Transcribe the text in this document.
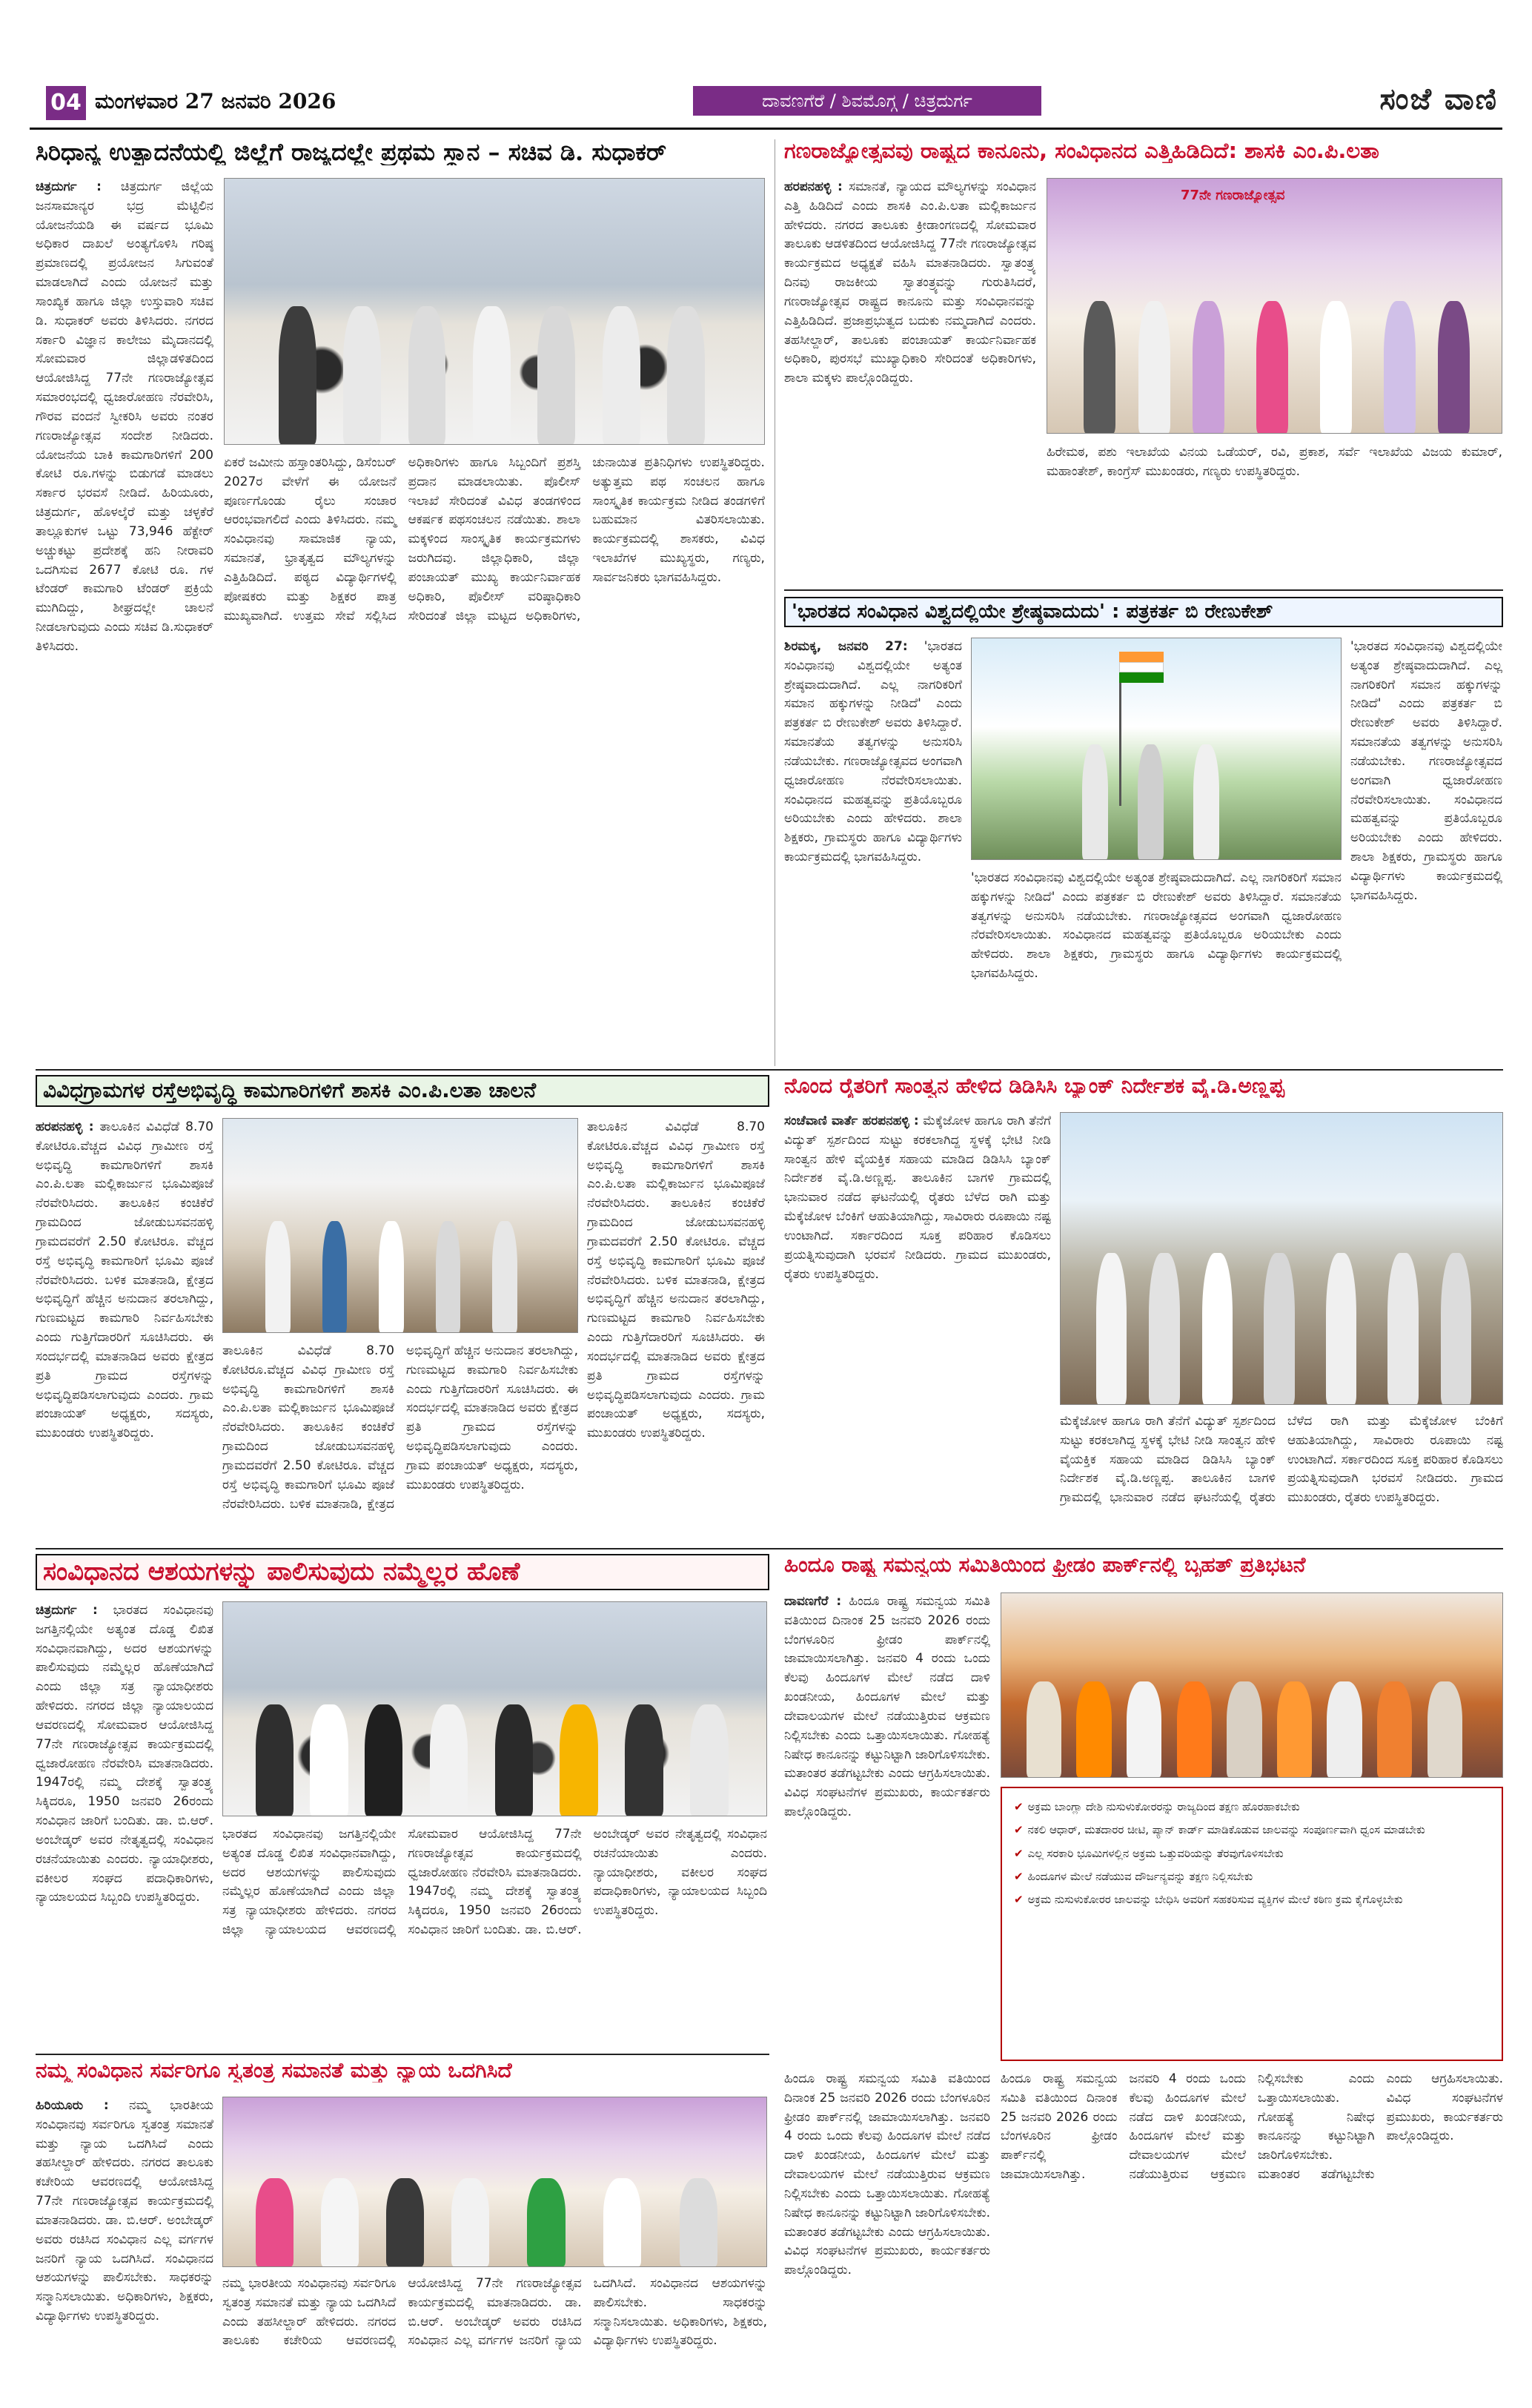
04 ಮಂಗಳವಾರ 27 ಜನವರಿ 2026	ದಾವಣಗೆರೆ / ಶಿವಮೊಗ್ಗ / ಚಿತ್ರದುರ್ಗ	ಸಂಜೆ ವಾಣಿ
ಸಿರಿಧಾನ್ಯ ಉತ್ಪಾದನೆಯಲ್ಲಿ ಜಿಲ್ಲೆಗೆ ರಾಜ್ಯದಲ್ಲೇ ಪ್ರಥಮ ಸ್ಥಾನ – ಸಚಿವ ಡಿ. ಸುಧಾಕರ್
ಚಿತ್ರದುರ್ಗ : ಚಿತ್ರದುರ್ಗ ಜಿಲ್ಲೆಯ ಜನಸಾಮಾನ್ಯರ ಭದ್ರ ಮೆಟ್ಟಿಲಿನ ಯೋಜನೆಯಡಿ ಈ ವರ್ಷದ ಭೂಮಿ ಅಧಿಕಾರ ದಾಖಲೆ ಅಂತ್ಯಗೊಳಿಸಿ ಗರಿಷ್ಠ ಪ್ರಮಾಣದಲ್ಲಿ ಪ್ರಯೋಜನ ಸಿಗುವಂತೆ ಮಾಡಲಾಗಿದೆ ಎಂದು ಯೋಜನೆ ಮತ್ತು ಸಾಂಖ್ಯಿಕ ಹಾಗೂ ಜಿಲ್ಲಾ ಉಸ್ತುವಾರಿ ಸಚಿವ ಡಿ. ಸುಧಾಕರ್ ಅವರು ತಿಳಿಸಿದರು. ನಗರದ ಸರ್ಕಾರಿ ವಿಜ್ಞಾನ ಕಾಲೇಜು ಮೈದಾನದಲ್ಲಿ ಸೋಮವಾರ ಜಿಲ್ಲಾಡಳಿತದಿಂದ ಆಯೋಜಿಸಿದ್ದ 77ನೇ ಗಣರಾಜ್ಯೋತ್ಸವ ಸಮಾರಂಭದಲ್ಲಿ ಧ್ವಜಾರೋಹಣ ನೆರವೇರಿಸಿ, ಗೌರವ ವಂದನೆ ಸ್ವೀಕರಿಸಿ ಅವರು ನಂತರ ಗಣರಾಜ್ಯೋತ್ಸವ ಸಂದೇಶ ನೀಡಿದರು. ಯೋಜನೆಯ ಬಾಕಿ ಕಾಮಗಾರಿಗಳಿಗೆ 200 ಕೋಟಿ ರೂ.ಗಳನ್ನು ಬಿಡುಗಡೆ ಮಾಡಲು ಸರ್ಕಾರ ಭರವಸೆ ನೀಡಿದೆ. ಹಿರಿಯೂರು, ಚಿತ್ರದುರ್ಗ, ಹೊಳಲ್ಕೆರೆ ಮತ್ತು ಚಳ್ಳಕೆರೆ ತಾಲ್ಲೂಕುಗಳ ಒಟ್ಟು 73,946 ಹೆಕ್ಟೇರ್ ಅಚ್ಚುಕಟ್ಟು ಪ್ರದೇಶಕ್ಕೆ ಹನಿ ನೀರಾವರಿ ಒದಗಿಸುವ 2677 ಕೋಟಿ ರೂ. ಗಳ ಟೆಂಡರ್ ಕಾಮಗಾರಿ ಟೆಂಡರ್ ಪ್ರಕ್ರಿಯೆ ಮುಗಿದಿದ್ದು, ಶೀಘ್ರದಲ್ಲೇ ಚಾಲನೆ ನೀಡಲಾಗುವುದು ಎಂದು ಸಚಿವ ಡಿ.ಸುಧಾಕರ್ ತಿಳಿಸಿದರು.
ಏಕರೆ ಜಮೀನು ಹಸ್ತಾಂತರಿಸಿದ್ದು, ಡಿಸೆಂಬರ್ 2027ರ ವೇಳೆಗೆ ಈ ಯೋಜನೆ ಪೂರ್ಣಗೊಂಡು ರೈಲು ಸಂಚಾರ ಆರಂಭವಾಗಲಿದೆ ಎಂದು ತಿಳಿಸಿದರು. ನಮ್ಮ ಸಂವಿಧಾನವು ಸಾಮಾಜಿಕ ನ್ಯಾಯ, ಸಮಾನತೆ, ಭ್ರಾತೃತ್ವದ ಮೌಲ್ಯಗಳನ್ನು ಎತ್ತಿಹಿಡಿದಿದೆ. ಪಠ್ಯದ ವಿದ್ಯಾರ್ಥಿಗಳಲ್ಲಿ ಪೋಷಕರು ಮತ್ತು ಶಿಕ್ಷಕರ ಪಾತ್ರ ಮುಖ್ಯವಾಗಿದೆ. ಉತ್ತಮ ಸೇವೆ ಸಲ್ಲಿಸಿದ ಅಧಿಕಾರಿಗಳು ಹಾಗೂ ಸಿಬ್ಬಂದಿಗೆ ಪ್ರಶಸ್ತಿ ಪ್ರದಾನ ಮಾಡಲಾಯಿತು. ಪೊಲೀಸ್ ಇಲಾಖೆ ಸೇರಿದಂತೆ ವಿವಿಧ ತಂಡಗಳಿಂದ ಆಕರ್ಷಕ ಪಥಸಂಚಲನ ನಡೆಯಿತು. ಶಾಲಾ ಮಕ್ಕಳಿಂದ ಸಾಂಸ್ಕೃತಿಕ ಕಾರ್ಯಕ್ರಮಗಳು ಜರುಗಿದವು. ಜಿಲ್ಲಾಧಿಕಾರಿ, ಜಿಲ್ಲಾ ಪಂಚಾಯತ್ ಮುಖ್ಯ ಕಾರ್ಯನಿರ್ವಾಹಕ ಅಧಿಕಾರಿ, ಪೊಲೀಸ್ ವರಿಷ್ಠಾಧಿಕಾರಿ ಸೇರಿದಂತೆ ಜಿಲ್ಲಾ ಮಟ್ಟದ ಅಧಿಕಾರಿಗಳು, ಚುನಾಯಿತ ಪ್ರತಿನಿಧಿಗಳು ಉಪಸ್ಥಿತರಿದ್ದರು. ಅತ್ಯುತ್ತಮ ಪಥ ಸಂಚಲನ ಹಾಗೂ ಸಾಂಸ್ಕೃತಿಕ ಕಾರ್ಯಕ್ರಮ ನೀಡಿದ ತಂಡಗಳಿಗೆ ಬಹುಮಾನ ವಿತರಿಸಲಾಯಿತು. ಕಾರ್ಯಕ್ರಮದಲ್ಲಿ ಶಾಸಕರು, ವಿವಿಧ ಇಲಾಖೆಗಳ ಮುಖ್ಯಸ್ಥರು, ಗಣ್ಯರು, ಸಾರ್ವಜನಿಕರು ಭಾಗವಹಿಸಿದ್ದರು.
ಗಣರಾಜ್ಯೋತ್ಸವವು ರಾಷ್ಟ್ರದ ಕಾನೂನು, ಸಂವಿಧಾನದ ಎತ್ತಿಹಿಡಿದಿದೆ: ಶಾಸಕಿ ಎಂ.ಪಿ.ಲತಾ
ಹರಪನಹಳ್ಳಿ : ಸಮಾನತೆ, ನ್ಯಾಯದ ಮೌಲ್ಯಗಳನ್ನು ಸಂವಿಧಾನ ಎತ್ತಿ ಹಿಡಿದಿದೆ ಎಂದು ಶಾಸಕಿ ಎಂ.ಪಿ.ಲತಾ ಮಲ್ಲಿಕಾರ್ಜುನ ಹೇಳಿದರು. ನಗರದ ತಾಲೂಕು ಕ್ರೀಡಾಂಗಣದಲ್ಲಿ ಸೋಮವಾರ ತಾಲೂಕು ಆಡಳಿತದಿಂದ ಆಯೋಜಿಸಿದ್ದ 77ನೇ ಗಣರಾಜ್ಯೋತ್ಸವ ಕಾರ್ಯಕ್ರಮದ ಅಧ್ಯಕ್ಷತೆ ವಹಿಸಿ ಮಾತನಾಡಿದರು. ಸ್ವಾತಂತ್ರ್ಯ ದಿನವು ರಾಜಕೀಯ ಸ್ವಾತಂತ್ರ್ಯವನ್ನು ಗುರುತಿಸಿದರೆ, ಗಣರಾಜ್ಯೋತ್ಸವ ರಾಷ್ಟ್ರದ ಕಾನೂನು ಮತ್ತು ಸಂವಿಧಾನವನ್ನು ಎತ್ತಿಹಿಡಿದಿದೆ. ಪ್ರಜಾಪ್ರಭುತ್ವದ ಬದುಕು ನಮ್ಮದಾಗಿದೆ ಎಂದರು. ತಹಸೀಲ್ದಾರ್, ತಾಲೂಕು ಪಂಚಾಯತ್ ಕಾರ್ಯನಿರ್ವಾಹಕ ಅಧಿಕಾರಿ, ಪುರಸಭೆ ಮುಖ್ಯಾಧಿಕಾರಿ ಸೇರಿದಂತೆ ಅಧಿಕಾರಿಗಳು, ಶಾಲಾ ಮಕ್ಕಳು ಪಾಲ್ಗೊಂಡಿದ್ದರು.
77ನೇ ಗಣರಾಜ್ಯೋತ್ಸವ
ಹಿರೇಮಠ, ಪಶು ಇಲಾಖೆಯ ವಿನಯ ಒಡೆಯರ್, ರವಿ, ಪ್ರಕಾಶ, ಸರ್ವೆ ಇಲಾಖೆಯ ವಿಜಯ ಕುಮಾರ್, ಮಹಾಂತೇಶ್, ಕಾಂಗ್ರೆಸ್ ಮುಖಂಡರು, ಗಣ್ಯರು ಉಪಸ್ಥಿತರಿದ್ದರು.
'ಭಾರತದ ಸಂವಿಧಾನ ವಿಶ್ವದಲ್ಲಿಯೇ ಶ್ರೇಷ್ಠವಾದುದು' : ಪತ್ರಕರ್ತ ಬಿ ರೇಣುಕೇಶ್
ಶಿರಮಕ್ಕ, ಜನವರಿ 27: 'ಭಾರತದ ಸಂವಿಧಾನವು ವಿಶ್ವದಲ್ಲಿಯೇ ಅತ್ಯಂತ ಶ್ರೇಷ್ಠವಾದುದಾಗಿದೆ. ಎಲ್ಲ ನಾಗರಿಕರಿಗೆ ಸಮಾನ ಹಕ್ಕುಗಳನ್ನು ನೀಡಿದೆ' ಎಂದು ಪತ್ರಕರ್ತ ಬಿ ರೇಣುಕೇಶ್ ಅವರು ತಿಳಿಸಿದ್ದಾರೆ. ಸಮಾನತೆಯ ತತ್ವಗಳನ್ನು ಅನುಸರಿಸಿ ನಡೆಯಬೇಕು. ಗಣರಾಜ್ಯೋತ್ಸವದ ಅಂಗವಾಗಿ ಧ್ವಜಾರೋಹಣ ನೆರವೇರಿಸಲಾಯಿತು. ಸಂವಿಧಾನದ ಮಹತ್ವವನ್ನು ಪ್ರತಿಯೊಬ್ಬರೂ ಅರಿಯಬೇಕು ಎಂದು ಹೇಳಿದರು. ಶಾಲಾ ಶಿಕ್ಷಕರು, ಗ್ರಾಮಸ್ಥರು ಹಾಗೂ ವಿದ್ಯಾರ್ಥಿಗಳು ಕಾರ್ಯಕ್ರಮದಲ್ಲಿ ಭಾಗವಹಿಸಿದ್ದರು.
'ಭಾರತದ ಸಂವಿಧಾನವು ವಿಶ್ವದಲ್ಲಿಯೇ ಅತ್ಯಂತ ಶ್ರೇಷ್ಠವಾದುದಾಗಿದೆ. ಎಲ್ಲ ನಾಗರಿಕರಿಗೆ ಸಮಾನ ಹಕ್ಕುಗಳನ್ನು ನೀಡಿದೆ' ಎಂದು ಪತ್ರಕರ್ತ ಬಿ ರೇಣುಕೇಶ್ ಅವರು ತಿಳಿಸಿದ್ದಾರೆ. ಸಮಾನತೆಯ ತತ್ವಗಳನ್ನು ಅನುಸರಿಸಿ ನಡೆಯಬೇಕು. ಗಣರಾಜ್ಯೋತ್ಸವದ ಅಂಗವಾಗಿ ಧ್ವಜಾರೋಹಣ ನೆರವೇರಿಸಲಾಯಿತು. ಸಂವಿಧಾನದ ಮಹತ್ವವನ್ನು ಪ್ರತಿಯೊಬ್ಬರೂ ಅರಿಯಬೇಕು ಎಂದು ಹೇಳಿದರು. ಶಾಲಾ ಶಿಕ್ಷಕರು, ಗ್ರಾಮಸ್ಥರು ಹಾಗೂ ವಿದ್ಯಾರ್ಥಿಗಳು ಕಾರ್ಯಕ್ರಮದಲ್ಲಿ ಭಾಗವಹಿಸಿದ್ದರು.
'ಭಾರತದ ಸಂವಿಧಾನವು ವಿಶ್ವದಲ್ಲಿಯೇ ಅತ್ಯಂತ ಶ್ರೇಷ್ಠವಾದುದಾಗಿದೆ. ಎಲ್ಲ ನಾಗರಿಕರಿಗೆ ಸಮಾನ ಹಕ್ಕುಗಳನ್ನು ನೀಡಿದೆ' ಎಂದು ಪತ್ರಕರ್ತ ಬಿ ರೇಣುಕೇಶ್ ಅವರು ತಿಳಿಸಿದ್ದಾರೆ. ಸಮಾನತೆಯ ತತ್ವಗಳನ್ನು ಅನುಸರಿಸಿ ನಡೆಯಬೇಕು. ಗಣರಾಜ್ಯೋತ್ಸವದ ಅಂಗವಾಗಿ ಧ್ವಜಾರೋಹಣ ನೆರವೇರಿಸಲಾಯಿತು. ಸಂವಿಧಾನದ ಮಹತ್ವವನ್ನು ಪ್ರತಿಯೊಬ್ಬರೂ ಅರಿಯಬೇಕು ಎಂದು ಹೇಳಿದರು. ಶಾಲಾ ಶಿಕ್ಷಕರು, ಗ್ರಾಮಸ್ಥರು ಹಾಗೂ ವಿದ್ಯಾರ್ಥಿಗಳು ಕಾರ್ಯಕ್ರಮದಲ್ಲಿ ಭಾಗವಹಿಸಿದ್ದರು.
ವಿವಿಧಗ್ರಾಮಗಳ ರಸ್ತೆಅಭಿವೃದ್ಧಿ ಕಾಮಗಾರಿಗಳಿಗೆ ಶಾಸಕಿ ಎಂ.ಪಿ.ಲತಾ ಚಾಲನೆ
ಹರಪನಹಳ್ಳಿ : ತಾಲೂಕಿನ ವಿವಿಧೆಡೆ 8.70 ಕೋಟಿರೂ.ವೆಚ್ಚದ ವಿವಿಧ ಗ್ರಾಮೀಣ ರಸ್ತೆ ಅಭಿವೃದ್ಧಿ ಕಾಮಗಾರಿಗಳಿಗೆ ಶಾಸಕಿ ಎಂ.ಪಿ.ಲತಾ ಮಲ್ಲಿಕಾರ್ಜುನ ಭೂಮಿಪೂಜೆ ನೆರವೇರಿಸಿದರು. ತಾಲೂಕಿನ ಕಂಚಿಕೆರೆ ಗ್ರಾಮದಿಂದ ಜೋಡುಬಸವನಹಳ್ಳಿ ಗ್ರಾಮದವರೆಗೆ 2.50 ಕೋಟಿರೂ. ವೆಚ್ಚದ ರಸ್ತೆ ಅಭಿವೃದ್ಧಿ ಕಾಮಗಾರಿಗೆ ಭೂಮಿ ಪೂಜೆ ನೆರವೇರಿಸಿದರು. ಬಳಿಕ ಮಾತನಾಡಿ, ಕ್ಷೇತ್ರದ ಅಭಿವೃದ್ಧಿಗೆ ಹೆಚ್ಚಿನ ಅನುದಾನ ತರಲಾಗಿದ್ದು, ಗುಣಮಟ್ಟದ ಕಾಮಗಾರಿ ನಿರ್ವಹಿಸಬೇಕು ಎಂದು ಗುತ್ತಿಗೆದಾರರಿಗೆ ಸೂಚಿಸಿದರು. ಈ ಸಂದರ್ಭದಲ್ಲಿ ಮಾತನಾಡಿದ ಅವರು ಕ್ಷೇತ್ರದ ಪ್ರತಿ ಗ್ರಾಮದ ರಸ್ತೆಗಳನ್ನು ಅಭಿವೃದ್ಧಿಪಡಿಸಲಾಗುವುದು ಎಂದರು. ಗ್ರಾಮ ಪಂಚಾಯತ್ ಅಧ್ಯಕ್ಷರು, ಸದಸ್ಯರು, ಮುಖಂಡರು ಉಪಸ್ಥಿತರಿದ್ದರು.
ತಾಲೂಕಿನ ವಿವಿಧೆಡೆ 8.70 ಕೋಟಿರೂ.ವೆಚ್ಚದ ವಿವಿಧ ಗ್ರಾಮೀಣ ರಸ್ತೆ ಅಭಿವೃದ್ಧಿ ಕಾಮಗಾರಿಗಳಿಗೆ ಶಾಸಕಿ ಎಂ.ಪಿ.ಲತಾ ಮಲ್ಲಿಕಾರ್ಜುನ ಭೂಮಿಪೂಜೆ ನೆರವೇರಿಸಿದರು. ತಾಲೂಕಿನ ಕಂಚಿಕೆರೆ ಗ್ರಾಮದಿಂದ ಜೋಡುಬಸವನಹಳ್ಳಿ ಗ್ರಾಮದವರೆಗೆ 2.50 ಕೋಟಿರೂ. ವೆಚ್ಚದ ರಸ್ತೆ ಅಭಿವೃದ್ಧಿ ಕಾಮಗಾರಿಗೆ ಭೂಮಿ ಪೂಜೆ ನೆರವೇರಿಸಿದರು. ಬಳಿಕ ಮಾತನಾಡಿ, ಕ್ಷೇತ್ರದ ಅಭಿವೃದ್ಧಿಗೆ ಹೆಚ್ಚಿನ ಅನುದಾನ ತರಲಾಗಿದ್ದು, ಗುಣಮಟ್ಟದ ಕಾಮಗಾರಿ ನಿರ್ವಹಿಸಬೇಕು ಎಂದು ಗುತ್ತಿಗೆದಾರರಿಗೆ ಸೂಚಿಸಿದರು. ಈ ಸಂದರ್ಭದಲ್ಲಿ ಮಾತನಾಡಿದ ಅವರು ಕ್ಷೇತ್ರದ ಪ್ರತಿ ಗ್ರಾಮದ ರಸ್ತೆಗಳನ್ನು ಅಭಿವೃದ್ಧಿಪಡಿಸಲಾಗುವುದು ಎಂದರು. ಗ್ರಾಮ ಪಂಚಾಯತ್ ಅಧ್ಯಕ್ಷರು, ಸದಸ್ಯರು, ಮುಖಂಡರು ಉಪಸ್ಥಿತರಿದ್ದರು.
ತಾಲೂಕಿನ ವಿವಿಧೆಡೆ 8.70 ಕೋಟಿರೂ.ವೆಚ್ಚದ ವಿವಿಧ ಗ್ರಾಮೀಣ ರಸ್ತೆ ಅಭಿವೃದ್ಧಿ ಕಾಮಗಾರಿಗಳಿಗೆ ಶಾಸಕಿ ಎಂ.ಪಿ.ಲತಾ ಮಲ್ಲಿಕಾರ್ಜುನ ಭೂಮಿಪೂಜೆ ನೆರವೇರಿಸಿದರು. ತಾಲೂಕಿನ ಕಂಚಿಕೆರೆ ಗ್ರಾಮದಿಂದ ಜೋಡುಬಸವನಹಳ್ಳಿ ಗ್ರಾಮದವರೆಗೆ 2.50 ಕೋಟಿರೂ. ವೆಚ್ಚದ ರಸ್ತೆ ಅಭಿವೃದ್ಧಿ ಕಾಮಗಾರಿಗೆ ಭೂಮಿ ಪೂಜೆ ನೆರವೇರಿಸಿದರು. ಬಳಿಕ ಮಾತನಾಡಿ, ಕ್ಷೇತ್ರದ ಅಭಿವೃದ್ಧಿಗೆ ಹೆಚ್ಚಿನ ಅನುದಾನ ತರಲಾಗಿದ್ದು, ಗುಣಮಟ್ಟದ ಕಾಮಗಾರಿ ನಿರ್ವಹಿಸಬೇಕು ಎಂದು ಗುತ್ತಿಗೆದಾರರಿಗೆ ಸೂಚಿಸಿದರು. ಈ ಸಂದರ್ಭದಲ್ಲಿ ಮಾತನಾಡಿದ ಅವರು ಕ್ಷೇತ್ರದ ಪ್ರತಿ ಗ್ರಾಮದ ರಸ್ತೆಗಳನ್ನು ಅಭಿವೃದ್ಧಿಪಡಿಸಲಾಗುವುದು ಎಂದರು. ಗ್ರಾಮ ಪಂಚಾಯತ್ ಅಧ್ಯಕ್ಷರು, ಸದಸ್ಯರು, ಮುಖಂಡರು ಉಪಸ್ಥಿತರಿದ್ದರು.
ನೊಂದ ರೈತರಿಗೆ ಸಾಂತ್ವನ ಹೇಳಿದ ಡಿಡಿಸಿಸಿ ಬ್ಯಾಂಕ್ ನಿರ್ದೇಶಕ ವೈ.ಡಿ.ಅಣ್ಣಪ್ಪ
ಸಂಚೆವಾಣಿ ವಾರ್ತೆ ಹರಪನಹಳ್ಳಿ : ಮೆಕ್ಕೆಜೋಳ ಹಾಗೂ ರಾಗಿ ತೆನೆಗೆ ವಿದ್ಯುತ್ ಸ್ಪರ್ಶದಿಂದ ಸುಟ್ಟು ಕರಕಲಾಗಿದ್ದ ಸ್ಥಳಕ್ಕೆ ಭೇಟಿ ನೀಡಿ ಸಾಂತ್ವನ ಹೇಳಿ ವೈಯಕ್ತಿಕ ಸಹಾಯ ಮಾಡಿದ ಡಿಡಿಸಿಸಿ ಬ್ಯಾಂಕ್ ನಿರ್ದೇಶಕ ವೈ.ಡಿ.ಅಣ್ಣಪ್ಪ. ತಾಲೂಕಿನ ಬಾಗಳಿ ಗ್ರಾಮದಲ್ಲಿ ಭಾನುವಾರ ನಡೆದ ಘಟನೆಯಲ್ಲಿ ರೈತರು ಬೆಳೆದ ರಾಗಿ ಮತ್ತು ಮೆಕ್ಕೆಜೋಳ ಬೆಂಕಿಗೆ ಆಹುತಿಯಾಗಿದ್ದು, ಸಾವಿರಾರು ರೂಪಾಯಿ ನಷ್ಟ ಉಂಟಾಗಿದೆ. ಸರ್ಕಾರದಿಂದ ಸೂಕ್ತ ಪರಿಹಾರ ಕೊಡಿಸಲು ಪ್ರಯತ್ನಿಸುವುದಾಗಿ ಭರವಸೆ ನೀಡಿದರು. ಗ್ರಾಮದ ಮುಖಂಡರು, ರೈತರು ಉಪಸ್ಥಿತರಿದ್ದರು.
ಮೆಕ್ಕೆಜೋಳ ಹಾಗೂ ರಾಗಿ ತೆನೆಗೆ ವಿದ್ಯುತ್ ಸ್ಪರ್ಶದಿಂದ ಸುಟ್ಟು ಕರಕಲಾಗಿದ್ದ ಸ್ಥಳಕ್ಕೆ ಭೇಟಿ ನೀಡಿ ಸಾಂತ್ವನ ಹೇಳಿ ವೈಯಕ್ತಿಕ ಸಹಾಯ ಮಾಡಿದ ಡಿಡಿಸಿಸಿ ಬ್ಯಾಂಕ್ ನಿರ್ದೇಶಕ ವೈ.ಡಿ.ಅಣ್ಣಪ್ಪ. ತಾಲೂಕಿನ ಬಾಗಳಿ ಗ್ರಾಮದಲ್ಲಿ ಭಾನುವಾರ ನಡೆದ ಘಟನೆಯಲ್ಲಿ ರೈತರು ಬೆಳೆದ ರಾಗಿ ಮತ್ತು ಮೆಕ್ಕೆಜೋಳ ಬೆಂಕಿಗೆ ಆಹುತಿಯಾಗಿದ್ದು, ಸಾವಿರಾರು ರೂಪಾಯಿ ನಷ್ಟ ಉಂಟಾಗಿದೆ. ಸರ್ಕಾರದಿಂದ ಸೂಕ್ತ ಪರಿಹಾರ ಕೊಡಿಸಲು ಪ್ರಯತ್ನಿಸುವುದಾಗಿ ಭರವಸೆ ನೀಡಿದರು. ಗ್ರಾಮದ ಮುಖಂಡರು, ರೈತರು ಉಪಸ್ಥಿತರಿದ್ದರು.
ಸಂವಿಧಾನದ ಆಶಯಗಳನ್ನು ಪಾಲಿಸುವುದು ನಮ್ಮೆಲ್ಲರ ಹೊಣೆ
ಚಿತ್ರದುರ್ಗ : ಭಾರತದ ಸಂವಿಧಾನವು ಜಗತ್ತಿನಲ್ಲಿಯೇ ಅತ್ಯಂತ ದೊಡ್ಡ ಲಿಖಿತ ಸಂವಿಧಾನವಾಗಿದ್ದು, ಅದರ ಆಶಯಗಳನ್ನು ಪಾಲಿಸುವುದು ನಮ್ಮೆಲ್ಲರ ಹೊಣೆಯಾಗಿದೆ ಎಂದು ಜಿಲ್ಲಾ ಸತ್ರ ನ್ಯಾಯಾಧೀಶರು ಹೇಳಿದರು. ನಗರದ ಜಿಲ್ಲಾ ನ್ಯಾಯಾಲಯದ ಆವರಣದಲ್ಲಿ ಸೋಮವಾರ ಆಯೋಜಿಸಿದ್ದ 77ನೇ ಗಣರಾಜ್ಯೋತ್ಸವ ಕಾರ್ಯಕ್ರಮದಲ್ಲಿ ಧ್ವಜಾರೋಹಣ ನೆರವೇರಿಸಿ ಮಾತನಾಡಿದರು. 1947ರಲ್ಲಿ ನಮ್ಮ ದೇಶಕ್ಕೆ ಸ್ವಾತಂತ್ರ್ಯ ಸಿಕ್ಕಿದರೂ, 1950 ಜನವರಿ 26ರಂದು ಸಂವಿಧಾನ ಜಾರಿಗೆ ಬಂದಿತು. ಡಾ. ಬಿ.ಆರ್. ಅಂಬೇಡ್ಕರ್ ಅವರ ನೇತೃತ್ವದಲ್ಲಿ ಸಂವಿಧಾನ ರಚನೆಯಾಯಿತು ಎಂದರು. ನ್ಯಾಯಾಧೀಶರು, ವಕೀಲರ ಸಂಘದ ಪದಾಧಿಕಾರಿಗಳು, ನ್ಯಾಯಾಲಯದ ಸಿಬ್ಬಂದಿ ಉಪಸ್ಥಿತರಿದ್ದರು.
ಭಾರತದ ಸಂವಿಧಾನವು ಜಗತ್ತಿನಲ್ಲಿಯೇ ಅತ್ಯಂತ ದೊಡ್ಡ ಲಿಖಿತ ಸಂವಿಧಾನವಾಗಿದ್ದು, ಅದರ ಆಶಯಗಳನ್ನು ಪಾಲಿಸುವುದು ನಮ್ಮೆಲ್ಲರ ಹೊಣೆಯಾಗಿದೆ ಎಂದು ಜಿಲ್ಲಾ ಸತ್ರ ನ್ಯಾಯಾಧೀಶರು ಹೇಳಿದರು. ನಗರದ ಜಿಲ್ಲಾ ನ್ಯಾಯಾಲಯದ ಆವರಣದಲ್ಲಿ ಸೋಮವಾರ ಆಯೋಜಿಸಿದ್ದ 77ನೇ ಗಣರಾಜ್ಯೋತ್ಸವ ಕಾರ್ಯಕ್ರಮದಲ್ಲಿ ಧ್ವಜಾರೋಹಣ ನೆರವೇರಿಸಿ ಮಾತನಾಡಿದರು. 1947ರಲ್ಲಿ ನಮ್ಮ ದೇಶಕ್ಕೆ ಸ್ವಾತಂತ್ರ್ಯ ಸಿಕ್ಕಿದರೂ, 1950 ಜನವರಿ 26ರಂದು ಸಂವಿಧಾನ ಜಾರಿಗೆ ಬಂದಿತು. ಡಾ. ಬಿ.ಆರ್. ಅಂಬೇಡ್ಕರ್ ಅವರ ನೇತೃತ್ವದಲ್ಲಿ ಸಂವಿಧಾನ ರಚನೆಯಾಯಿತು ಎಂದರು. ನ್ಯಾಯಾಧೀಶರು, ವಕೀಲರ ಸಂಘದ ಪದಾಧಿಕಾರಿಗಳು, ನ್ಯಾಯಾಲಯದ ಸಿಬ್ಬಂದಿ ಉಪಸ್ಥಿತರಿದ್ದರು.
ಹಿಂದೂ ರಾಷ್ಟ್ರ ಸಮನ್ವಯ ಸಮಿತಿಯಿಂದ ಫ್ರೀಡಂ ಪಾರ್ಕ್‌ನಲ್ಲಿ ಬೃಹತ್ ಪ್ರತಿಭಟನೆ
ದಾವಣಗೆರೆ : ಹಿಂದೂ ರಾಷ್ಟ್ರ ಸಮನ್ವಯ ಸಮಿತಿ ವತಿಯಿಂದ ದಿನಾಂಕ 25 ಜನವರಿ 2026 ರಂದು ಬೆಂಗಳೂರಿನ ಫ್ರೀಡಂ ಪಾರ್ಕ್‌ನಲ್ಲಿ ಜಾಮಾಯಿಸಲಾಗಿತ್ತು. ಜನವರಿ 4 ರಂದು ಒಂದು ಕೆಲವು ಹಿಂದೂಗಳ ಮೇಲೆ ನಡೆದ ದಾಳಿ ಖಂಡನೀಯ, ಹಿಂದೂಗಳ ಮೇಲೆ ಮತ್ತು ದೇವಾಲಯಗಳ ಮೇಲೆ ನಡೆಯುತ್ತಿರುವ ಆಕ್ರಮಣ ನಿಲ್ಲಿಸಬೇಕು ಎಂದು ಒತ್ತಾಯಿಸಲಾಯಿತು. ಗೋಹತ್ಯೆ ನಿಷೇಧ ಕಾನೂನನ್ನು ಕಟ್ಟುನಿಟ್ಟಾಗಿ ಜಾರಿಗೊಳಿಸಬೇಕು. ಮತಾಂತರ ತಡೆಗಟ್ಟಬೇಕು ಎಂದು ಆಗ್ರಹಿಸಲಾಯಿತು. ವಿವಿಧ ಸಂಘಟನೆಗಳ ಪ್ರಮುಖರು, ಕಾರ್ಯಕರ್ತರು ಪಾಲ್ಗೊಂಡಿದ್ದರು.	✔ ಅಕ್ರಮ ಬಾಂಗ್ಲಾ ದೇಶಿ ನುಸುಳುಕೋರರನ್ನು ರಾಜ್ಯದಿಂದ ತಕ್ಷಣ ಹೊರಹಾಕಬೇಕು
✔ ನಕಲಿ ಆಧಾರ್, ಮತದಾರರ ಚೀಟಿ, ಪ್ಯಾನ್ ಕಾರ್ಡ್ ಮಾಡಿಕೊಡುವ ಜಾಲವನ್ನು ಸಂಪೂರ್ಣವಾಗಿ ಧ್ವಂಸ ಮಾಡಬೇಕು
✔ ಎಲ್ಲ ಸರಕಾರಿ ಭೂಮಿಗಳಲ್ಲಿನ ಅಕ್ರಮ ಒತ್ತುವರಿಯನ್ನು ತೆರವುಗೊಳಿಸಬೇಕು
✔ ಹಿಂದೂಗಳ ಮೇಲೆ ನಡೆಯುವ ದೌರ್ಜನ್ಯವನ್ನು ತಕ್ಷಣ ನಿಲ್ಲಿಸಬೇಕು
✔ ಅಕ್ರಮ ನುಸುಳುಕೋರರ ಜಾಲವನ್ನು ಬೇಧಿಸಿ ಅವರಿಗೆ ಸಹಕರಿಸುವ ವ್ಯಕ್ತಿಗಳ ಮೇಲೆ ಕಠಿಣ ಕ್ರಮ ಕೈಗೊಳ್ಳಬೇಕು
ಹಿಂದೂ ರಾಷ್ಟ್ರ ಸಮನ್ವಯ ಸಮಿತಿ ವತಿಯಿಂದ ದಿನಾಂಕ 25 ಜನವರಿ 2026 ರಂದು ಬೆಂಗಳೂರಿನ ಫ್ರೀಡಂ ಪಾರ್ಕ್‌ನಲ್ಲಿ ಜಾಮಾಯಿಸಲಾಗಿತ್ತು. ಜನವರಿ 4 ರಂದು ಒಂದು ಕೆಲವು ಹಿಂದೂಗಳ ಮೇಲೆ ನಡೆದ ದಾಳಿ ಖಂಡನೀಯ, ಹಿಂದೂಗಳ ಮೇಲೆ ಮತ್ತು ದೇವಾಲಯಗಳ ಮೇಲೆ ನಡೆಯುತ್ತಿರುವ ಆಕ್ರಮಣ ನಿಲ್ಲಿಸಬೇಕು ಎಂದು ಒತ್ತಾಯಿಸಲಾಯಿತು. ಗೋಹತ್ಯೆ ನಿಷೇಧ ಕಾನೂನನ್ನು ಕಟ್ಟುನಿಟ್ಟಾಗಿ ಜಾರಿಗೊಳಿಸಬೇಕು. ಮತಾಂತರ ತಡೆಗಟ್ಟಬೇಕು ಎಂದು ಆಗ್ರಹಿಸಲಾಯಿತು. ವಿವಿಧ ಸಂಘಟನೆಗಳ ಪ್ರಮುಖರು, ಕಾರ್ಯಕರ್ತರು ಪಾಲ್ಗೊಂಡಿದ್ದರು.
ಹಿಂದೂ ರಾಷ್ಟ್ರ ಸಮನ್ವಯ ಸಮಿತಿ ವತಿಯಿಂದ ದಿನಾಂಕ 25 ಜನವರಿ 2026 ರಂದು ಬೆಂಗಳೂರಿನ ಫ್ರೀಡಂ ಪಾರ್ಕ್‌ನಲ್ಲಿ ಜಾಮಾಯಿಸಲಾಗಿತ್ತು. ಜನವರಿ 4 ರಂದು ಒಂದು ಕೆಲವು ಹಿಂದೂಗಳ ಮೇಲೆ ನಡೆದ ದಾಳಿ ಖಂಡನೀಯ, ಹಿಂದೂಗಳ ಮೇಲೆ ಮತ್ತು ದೇವಾಲಯಗಳ ಮೇಲೆ ನಡೆಯುತ್ತಿರುವ ಆಕ್ರಮಣ ನಿಲ್ಲಿಸಬೇಕು ಎಂದು ಒತ್ತಾಯಿಸಲಾಯಿತು. ಗೋಹತ್ಯೆ ನಿಷೇಧ ಕಾನೂನನ್ನು ಕಟ್ಟುನಿಟ್ಟಾಗಿ ಜಾರಿಗೊಳಿಸಬೇಕು. ಮತಾಂತರ ತಡೆಗಟ್ಟಬೇಕು ಎಂದು ಆಗ್ರಹಿಸಲಾಯಿತು. ವಿವಿಧ ಸಂಘಟನೆಗಳ ಪ್ರಮುಖರು, ಕಾರ್ಯಕರ್ತರು ಪಾಲ್ಗೊಂಡಿದ್ದರು.
ನಮ್ಮ ಸಂವಿಧಾನ ಸರ್ವರಿಗೂ ಸ್ವತಂತ್ರ ಸಮಾನತೆ ಮತ್ತು ನ್ಯಾಯ ಒದಗಿಸಿದೆ
ಹಿರಿಯೂರು : ನಮ್ಮ ಭಾರತೀಯ ಸಂವಿಧಾನವು ಸರ್ವರಿಗೂ ಸ್ವತಂತ್ರ ಸಮಾನತೆ ಮತ್ತು ನ್ಯಾಯ ಒದಗಿಸಿದೆ ಎಂದು ತಹಸೀಲ್ದಾರ್ ಹೇಳಿದರು. ನಗರದ ತಾಲೂಕು ಕಚೇರಿಯ ಆವರಣದಲ್ಲಿ ಆಯೋಜಿಸಿದ್ದ 77ನೇ ಗಣರಾಜ್ಯೋತ್ಸವ ಕಾರ್ಯಕ್ರಮದಲ್ಲಿ ಮಾತನಾಡಿದರು. ಡಾ. ಬಿ.ಆರ್. ಅಂಬೇಡ್ಕರ್ ಅವರು ರಚಿಸಿದ ಸಂವಿಧಾನ ಎಲ್ಲ ವರ್ಗಗಳ ಜನರಿಗೆ ನ್ಯಾಯ ಒದಗಿಸಿದೆ. ಸಂವಿಧಾನದ ಆಶಯಗಳನ್ನು ಪಾಲಿಸಬೇಕು. ಸಾಧಕರನ್ನು ಸನ್ಮಾನಿಸಲಾಯಿತು. ಅಧಿಕಾರಿಗಳು, ಶಿಕ್ಷಕರು, ವಿದ್ಯಾರ್ಥಿಗಳು ಉಪಸ್ಥಿತರಿದ್ದರು.
ನಮ್ಮ ಭಾರತೀಯ ಸಂವಿಧಾನವು ಸರ್ವರಿಗೂ ಸ್ವತಂತ್ರ ಸಮಾನತೆ ಮತ್ತು ನ್ಯಾಯ ಒದಗಿಸಿದೆ ಎಂದು ತಹಸೀಲ್ದಾರ್ ಹೇಳಿದರು. ನಗರದ ತಾಲೂಕು ಕಚೇರಿಯ ಆವರಣದಲ್ಲಿ ಆಯೋಜಿಸಿದ್ದ 77ನೇ ಗಣರಾಜ್ಯೋತ್ಸವ ಕಾರ್ಯಕ್ರಮದಲ್ಲಿ ಮಾತನಾಡಿದರು. ಡಾ. ಬಿ.ಆರ್. ಅಂಬೇಡ್ಕರ್ ಅವರು ರಚಿಸಿದ ಸಂವಿಧಾನ ಎಲ್ಲ ವರ್ಗಗಳ ಜನರಿಗೆ ನ್ಯಾಯ ಒದಗಿಸಿದೆ. ಸಂವಿಧಾನದ ಆಶಯಗಳನ್ನು ಪಾಲಿಸಬೇಕು. ಸಾಧಕರನ್ನು ಸನ್ಮಾನಿಸಲಾಯಿತು. ಅಧಿಕಾರಿಗಳು, ಶಿಕ್ಷಕರು, ವಿದ್ಯಾರ್ಥಿಗಳು ಉಪಸ್ಥಿತರಿದ್ದರು.
